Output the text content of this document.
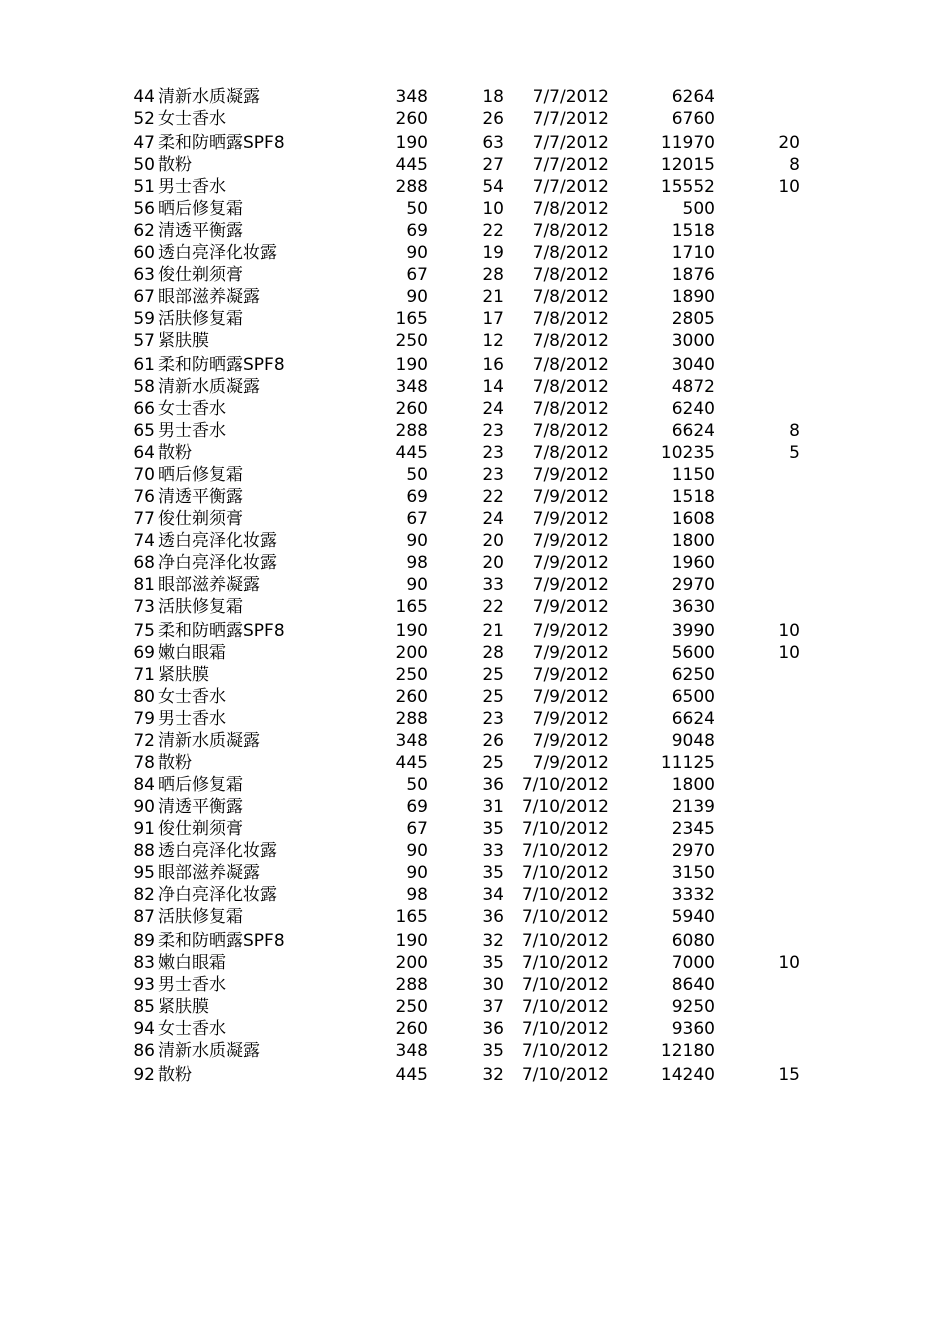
44 清新水质凝露	348	18	7/7/2012	6264
52 女士香水	260	26	7/7/2012	6760
47 柔和防晒露SPF8	190	63	7/7/2012	11970	20
50 散粉	445	27	7/7/2012	12015	8
51 男士香水	288	54	7/7/2012	15552	10
56 晒后修复霜	50	10	7/8/2012	500
62 清透平衡露	69	22	7/8/2012	1518
60 透白亮泽化妆露	90	19	7/8/2012	1710
63 俊仕剃须膏	67	28	7/8/2012	1876
67 眼部滋养凝露	90	21	7/8/2012	1890
59 活肤修复霜	165	17	7/8/2012	2805
57 紧肤膜	250	12	7/8/2012	3000
61 柔和防晒露SPF8	190	16	7/8/2012	3040
58 清新水质凝露	348	14	7/8/2012	4872
66 女士香水	260	24	7/8/2012	6240
65 男士香水	288	23	7/8/2012	6624	8
64 散粉	445	23	7/8/2012	10235	5
70 晒后修复霜	50	23	7/9/2012	1150
76 清透平衡露	69	22	7/9/2012	1518
77 俊仕剃须膏	67	24	7/9/2012	1608
74 透白亮泽化妆露	90	20	7/9/2012	1800
68 净白亮泽化妆露	98	20	7/9/2012	1960
81 眼部滋养凝露	90	33	7/9/2012	2970
73 活肤修复霜	165	22	7/9/2012	3630
75 柔和防晒露SPF8	190	21	7/9/2012	3990	10
69 嫩白眼霜	200	28	7/9/2012	5600	10
71 紧肤膜	250	25	7/9/2012	6250
80 女士香水	260	25	7/9/2012	6500
79 男士香水	288	23	7/9/2012	6624
72 清新水质凝露	348	26	7/9/2012	9048
78 散粉	445	25	7/9/2012	11125
84 晒后修复霜	50	36	7/10/2012	1800
90 清透平衡露	69	31	7/10/2012	2139
91 俊仕剃须膏	67	35	7/10/2012	2345
88 透白亮泽化妆露	90	33	7/10/2012	2970
95 眼部滋养凝露	90	35	7/10/2012	3150
82 净白亮泽化妆露	98	34	7/10/2012	3332
87 活肤修复霜	165	36	7/10/2012	5940
89 柔和防晒露SPF8	190	32	7/10/2012	6080
83 嫩白眼霜	200	35	7/10/2012	7000	10
93 男士香水	288	30	7/10/2012	8640
85 紧肤膜	250	37	7/10/2012	9250
94 女士香水	260	36	7/10/2012	9360
86 清新水质凝露	348	35	7/10/2012	12180
92 散粉	445	32	7/10/2012	14240	15
